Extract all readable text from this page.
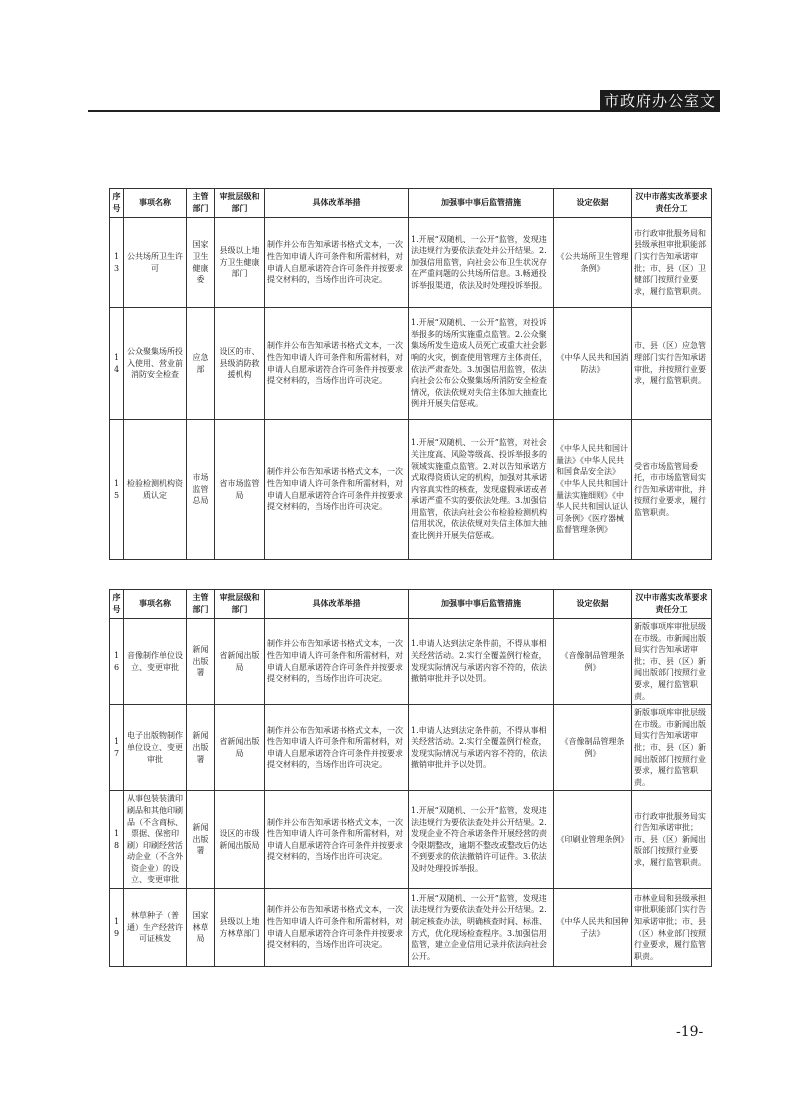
市政府办公室文件
序号	事项名称	主管部门	审批层级和部门	具体改革举措	加强事中事后监管措施	设定依据	汉中市落实改革要求责任分工
13	公共场所卫生许可	国家卫生健康委	县级以上地方卫生健康部门	制作并公布告知承诺书格式文本，一次性告知申请人许可条件和所需材料，对申请人自愿承诺符合许可条件并按要求提交材料的，当场作出许可决定。	1.开展“双随机、一公开”监管，发现违法违规行为要依法查处并公开结果。2.加强信用监管，向社会公布卫生状况存在严重问题的公共场所信息。3.畅通投诉举报渠道，依法及时处理投诉举报。	《公共场所卫生管理条例》	市行政审批服务局和县级承担审批职能部门实行告知承诺审批；市、县（区）卫健部门按照行业要求，履行监管职责。
14	公众聚集场所投入使用、营业前消防安全检查	应急部	设区的市、县级消防救援机构	制作并公布告知承诺书格式文本，一次性告知申请人许可条件和所需材料，对申请人自愿承诺符合许可条件并按要求提交材料的，当场作出许可决定。	1.开展“双随机、一公开”监管，对投诉举报多的场所实施重点监管。2.公众聚集场所发生造成人员死亡或重大社会影响的火灾，倒查使用管理方主体责任，依法严肃查处。3.加强信用监管，依法向社会公布公众聚集场所消防安全检查情况，依法依规对失信主体加大抽查比例并开展失信惩戒。	《中华人民共和国消防法》	市、县（区）应急管理部门实行告知承诺审批，并按照行业要求，履行监管职责。
15	检验检测机构资质认定	市场监管总局	省市场监管局	制作并公布告知承诺书格式文本，一次性告知申请人许可条件和所需材料，对申请人自愿承诺符合许可条件并按要求提交材料的，当场作出许可决定。	1.开展“双随机、一公开”监管，对社会关注度高、风险等级高、投诉举报多的领域实施重点监管。2.对以告知承诺方式取得资质认定的机构，加强对其承诺内容真实性的核查，发现虚假承诺或者承诺严重不实的要依法处理。3.加强信用监管，依法向社会公布检验检测机构信用状况，依法依规对失信主体加大抽查比例并开展失信惩戒。	《中华人民共和国计量法》《中华人民共和国食品安全法》《中华人民共和国计量法实施细则》《中华人民共和国认证认可条例》《医疗器械监督管理条例》	受省市场监管局委托，市市场监管局实行告知承诺审批，并按照行业要求，履行监管职责。
序号	事项名称	主管部门	审批层级和部门	具体改革举措	加强事中事后监管措施	设定依据	汉中市落实改革要求责任分工
16	音像制作单位设立、变更审批	新闻出版署	省新闻出版局	制作并公布告知承诺书格式文本，一次性告知申请人许可条件和所需材料，对申请人自愿承诺符合许可条件并按要求提交材料的，当场作出许可决定。	1.申请人达到法定条件前，不得从事相关经营活动。2.实行全覆盖例行检查，发现实际情况与承诺内容不符的，依法撤销审批并予以处罚。	《音像制品管理条例》	新版事项库审批层级在市级。市新闻出版局实行告知承诺审批；市、县（区）新闻出版部门按照行业要求，履行监管职责。
17	电子出版物制作单位设立、变更审批	新闻出版署	省新闻出版局	制作并公布告知承诺书格式文本，一次性告知申请人许可条件和所需材料，对申请人自愿承诺符合许可条件并按要求提交材料的，当场作出许可决定。	1.申请人达到法定条件前，不得从事相关经营活动。2.实行全覆盖例行检查，发现实际情况与承诺内容不符的，依法撤销审批并予以处罚。	《音像制品管理条例》	新版事项库审批层级在市级。市新闻出版局实行告知承诺审批；市、县（区）新闻出版部门按照行业要求，履行监管职责。
18	从事包装装潢印刷品和其他印刷品（不含商标、票据、保密印刷）印刷经营活动企业（不含外资企业）的设立、变更审批	新闻出版署	设区的市级新闻出版局	制作并公布告知承诺书格式文本，一次性告知申请人许可条件和所需材料，对申请人自愿承诺符合许可条件并按要求提交材料的，当场作出许可决定。	1.开展“双随机、一公开”监管，发现违法违规行为要依法查处并公开结果。2.发现企业不符合承诺条件开展经营的责令限期整改，逾期不整改或整改后仍达不到要求的依法撤销许可证件。3.依法及时处理投诉举报。	《印刷业管理条例》	市行政审批服务局实行告知承诺审批；市、县（区）新闻出版部门按照行业要求，履行监管职责。
19	林草种子（普通）生产经营许可证核发	国家林草局	县级以上地方林草部门	制作并公布告知承诺书格式文本，一次性告知申请人许可条件和所需材料，对申请人自愿承诺符合许可条件并按要求提交材料的，当场作出许可决定。	1.开展“双随机、一公开”监管，发现违法违规行为要依法查处并公开结果。2.制定核查办法，明确核查时间、标准、方式，优化现场检查程序。3.加强信用监管，建立企业信用记录并依法向社会公开。	《中华人民共和国种子法》	市林业局和县级承担审批职能部门实行告知承诺审批；市、县（区）林业部门按照行业要求，履行监管职责。
-19-
